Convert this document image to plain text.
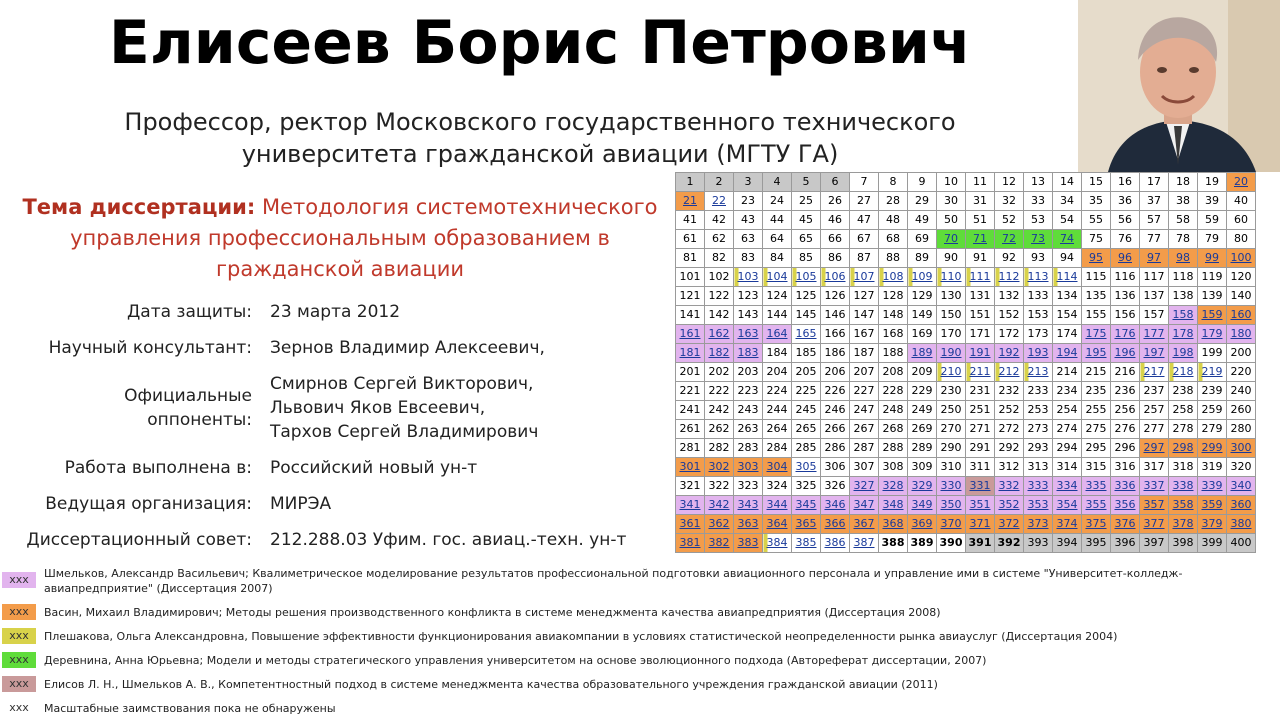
Елисеев Борис Петрович
Профессор, ректор Московского государственного технического
университета гражданской авиации (МГТУ ГА)
Тема диссертации: Методология системотехнического
управления профессиональным образованием в
гражданской авиации
Дата защиты: 23 марта 2012
Научный консультант: Зернов Владимир Алексеевич,
Официальные
оппоненты:
Смирнов Сергей Викторович,
Львович Яков Евсеевич,
Тархов Сергей Владимирович
Работа выполнена в: Российский новый ун-т
Ведущая организация: МИРЭА
Диссертационный совет: 212.288.03 Уфим. гос. авиац.-техн. ун-т
1	2	3	4	5	6	7	8	9	10	11	12	13	14	15	16	17	18	19	20
21	22	23	24	25	26	27	28	29	30	31	32	33	34	35	36	37	38	39	40
41	42	43	44	45	46	47	48	49	50	51	52	53	54	55	56	57	58	59	60
61	62	63	64	65	66	67	68	69	70	71	72	73	74	75	76	77	78	79	80
81	82	83	84	85	86	87	88	89	90	91	92	93	94	95	96	97	98	99	100
101	102	103	104	105	106	107	108	109	110	111	112	113	114	115	116	117	118	119	120
121	122	123	124	125	126	127	128	129	130	131	132	133	134	135	136	137	138	139	140
141	142	143	144	145	146	147	148	149	150	151	152	153	154	155	156	157	158	159	160
161	162	163	164	165	166	167	168	169	170	171	172	173	174	175	176	177	178	179	180
181	182	183	184	185	186	187	188	189	190	191	192	193	194	195	196	197	198	199	200
201	202	203	204	205	206	207	208	209	210	211	212	213	214	215	216	217	218	219	220
221	222	223	224	225	226	227	228	229	230	231	232	233	234	235	236	237	238	239	240
241	242	243	244	245	246	247	248	249	250	251	252	253	254	255	256	257	258	259	260
261	262	263	264	265	266	267	268	269	270	271	272	273	274	275	276	277	278	279	280
281	282	283	284	285	286	287	288	289	290	291	292	293	294	295	296	297	298	299	300
301	302	303	304	305	306	307	308	309	310	311	312	313	314	315	316	317	318	319	320
321	322	323	324	325	326	327	328	329	330	331	332	333	334	335	336	337	338	339	340
341	342	343	344	345	346	347	348	349	350	351	352	353	354	355	356	357	358	359	360
361	362	363	364	365	366	367	368	369	370	371	372	373	374	375	376	377	378	379	380
381	382	383	384	385	386	387	388	389	390	391	392	393	394	395	396	397	398	399	400
xxx	Шмельков, Александр Васильевич; Квалиметрическое моделирование результатов профессиональной подготовки авиационного персонала и управление ими в системе "Университет-колледж-авиапредприятие" (Диссертация 2007)
xxx	Васин, Михаил Владимирович; Методы решения производственного конфликта в системе менеджмента качества авиапредприятия (Диссертация 2008)
xxx	Плешакова, Ольга Александровна, Повышение эффективности функционирования авиакомпании в условиях статистической неопределенности рынка авиауслуг (Диссертация 2004)
xxx	Деревнина, Анна Юрьевна; Модели и методы стратегического управления университетом на основе эволюционного подхода (Автореферат диссертации, 2007)
xxx	Елисов Л. Н., Шмельков А. В., Компетентностный подход в системе менеджмента качества образовательного учреждения гражданской авиации (2011)
xxx	Масштабные заимствования пока не обнаружены
